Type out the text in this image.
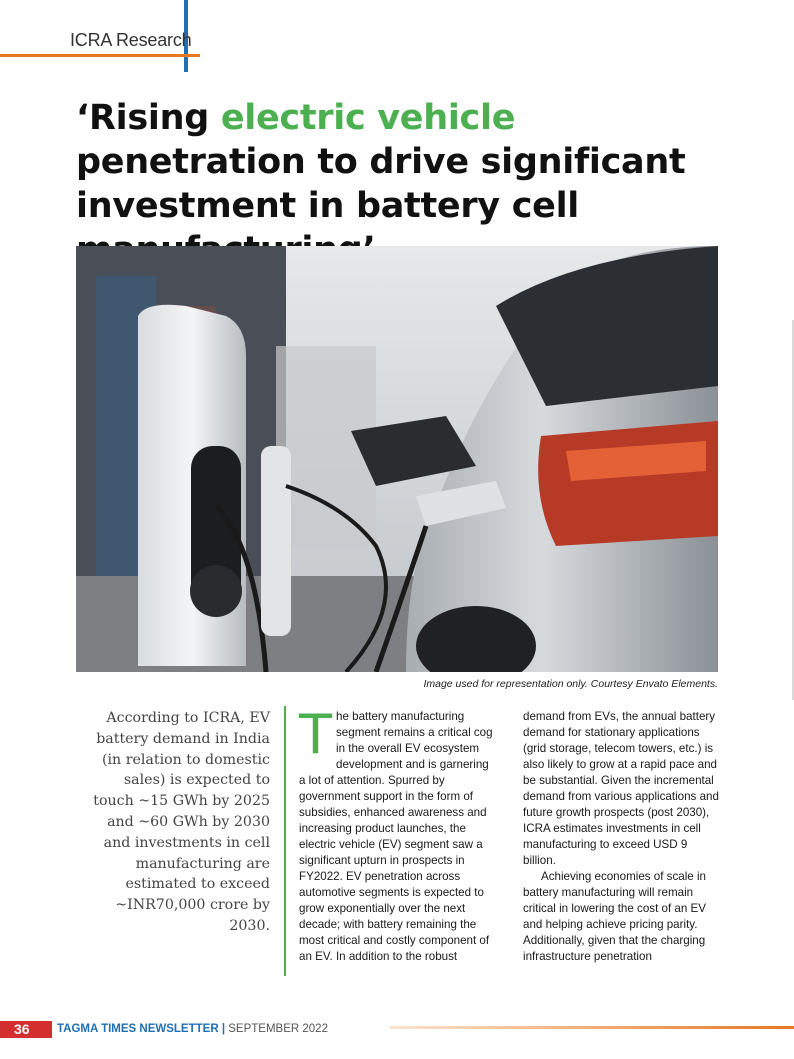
ICRA Research
‘Rising electric vehicle penetration to drive significant investment in battery cell
Image used for representation only. Courtesy Envato Elements.

According to ICRA, EV battery demand in India (in relation to domestic sales) is expected to touch ~15 GWh by 2025 and ~60 GWh by 2030 and investments in cell manufacturing are estimated to exceed ~INR70,000 crore by 2030.

T he battery manufacturing segment remains a critical cog in the overall EV ecosystem development and is garnering a lot of attention. Spurred by government support in the form of subsidies, enhanced awareness and increasing product launches, the electric vehicle (EV) segment saw a significant upturn in prospects in FY2022. EV penetration across automotive segments is expected to grow exponentially over the next decade; with battery remaining the most critical and costly component of an EV. In addition to the robust

demand from EVs, the annual battery demand for stationary applications (grid storage, telecom towers, etc.) is also likely to grow at a rapid pace and be substantial. Given the incremental demand from various applications and future growth prospects (post 2030), ICRA estimates investments in cell manufacturing to exceed USD 9 billion.

Achieving economies of scale in battery manufacturing will remain critical in lowering the cost of an EV and helping achieve pricing parity. Additionally, given that the charging infrastructure penetration

36	TAGMA TIMES NEWSLETTER | SEPTEMBER 2022
